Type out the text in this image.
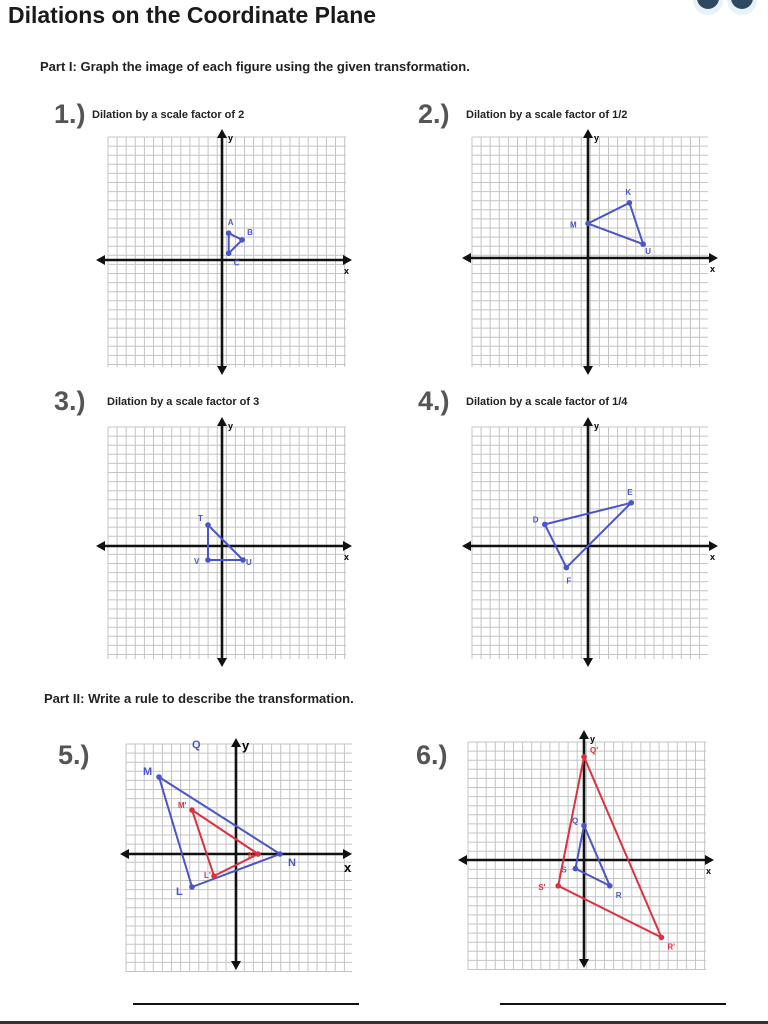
Dilations on the Coordinate Plane
Part I: Graph the image of each figure using the given transformation.
1.) Dilation by a scale factor of 2
y
x
A
B
C
2.) Dilation by a scale factor of 1/2
y
x
K
U
M
3.) Dilation by a scale factor of 3
y
x
T
U
V
4.) Dilation by a scale factor of 1/4
y
x
D
E
F
Part II: Write a rule to describe the transformation.
5.)	y
x
M
N
L
M'
N'
L'
Q	6.)
y
x
Q
R
S
Q'
R'
S'
